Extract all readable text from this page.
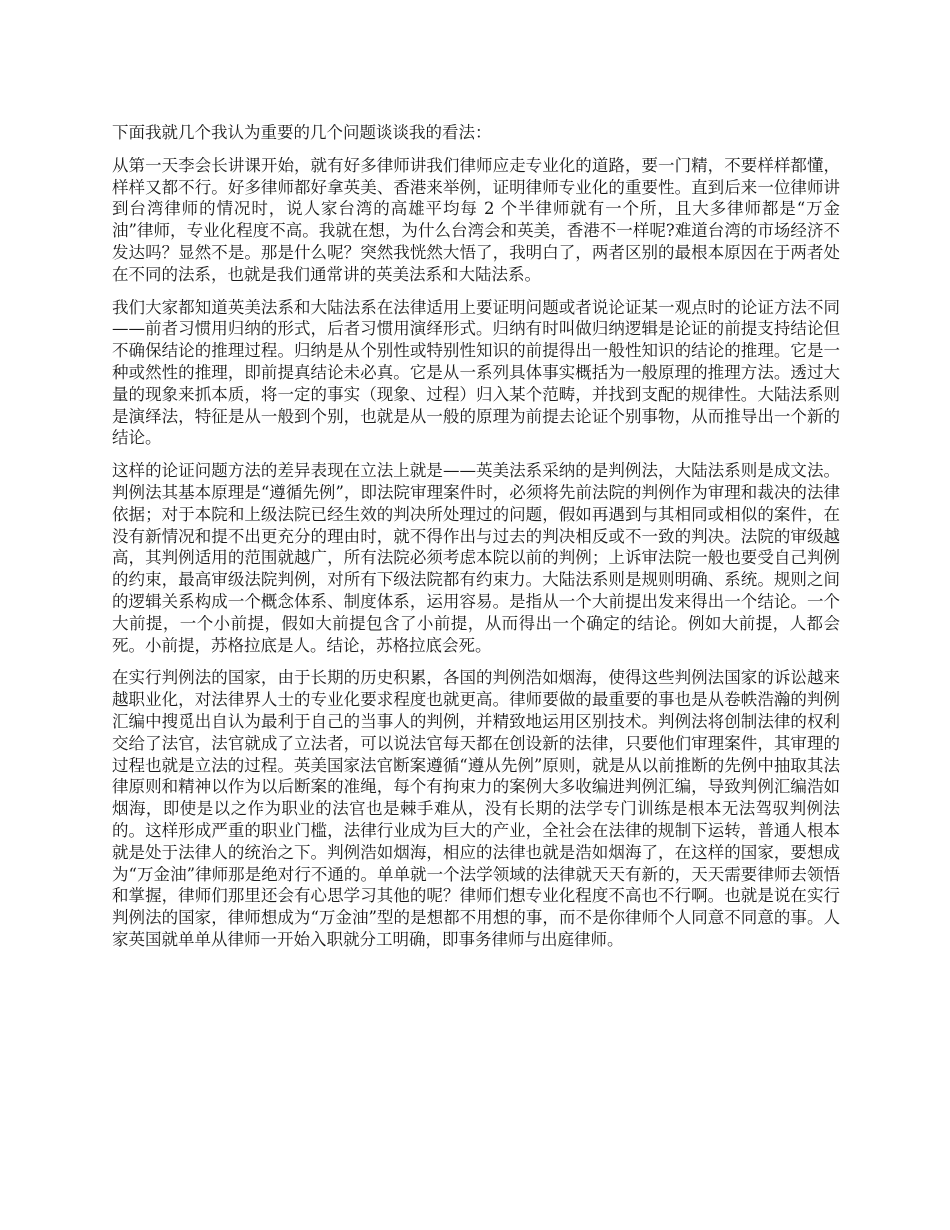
下面我就几个我认为重要的几个问题谈谈我的看法：

从第一天李会长讲课开始，就有好多律师讲我们律师应走专业化的道路，要一门精，不要样样都懂，样样又都不行。好多律师都好拿英美、香港来举例，证明律师专业化的重要性。直到后来一位律师讲到台湾律师的情况时，说人家台湾的高雄平均每 2 个半律师就有一个所，且大多律师都是“万金油”律师，专业化程度不高。我就在想，为什么台湾会和英美，香港不一样呢?难道台湾的市场经济不发达吗？显然不是。那是什么呢？突然我恍然大悟了，我明白了，两者区别的最根本原因在于两者处在不同的法系，也就是我们通常讲的英美法系和大陆法系。

我们大家都知道英美法系和大陆法系在法律适用上要证明问题或者说论证某一观点时的论证方法不同——前者习惯用归纳的形式，后者习惯用演绎形式。归纳有时叫做归纳逻辑是论证的前提支持结论但不确保结论的推理过程。归纳是从个别性或特别性知识的前提得出一般性知识的结论的推理。它是一种或然性的推理，即前提真结论未必真。它是从一系列具体事实概括为一般原理的推理方法。透过大量的现象来抓本质，将一定的事实（现象、过程）归入某个范畴，并找到支配的规律性。大陆法系则是演绎法，特征是从一般到个别，也就是从一般的原理为前提去论证个别事物，从而推导出一个新的结论。

这样的论证问题方法的差异表现在立法上就是——英美法系采纳的是判例法，大陆法系则是成文法。判例法其基本原理是“遵循先例”，即法院审理案件时，必须将先前法院的判例作为审理和裁决的法律依据；对于本院和上级法院已经生效的判决所处理过的问题，假如再遇到与其相同或相似的案件，在没有新情况和提不出更充分的理由时，就不得作出与过去的判决相反或不一致的判决。法院的审级越高，其判例适用的范围就越广，所有法院必须考虑本院以前的判例；上诉审法院一般也要受自己判例的约束，最高审级法院判例，对所有下级法院都有约束力。大陆法系则是规则明确、系统。规则之间的逻辑关系构成一个概念体系、制度体系，运用容易。是指从一个大前提出发来得出一个结论。一个大前提，一个小前提，假如大前提包含了小前提，从而得出一个确定的结论。例如大前提，人都会死。小前提，苏格拉底是人。结论，苏格拉底会死。

在实行判例法的国家，由于长期的历史积累，各国的判例浩如烟海，使得这些判例法国家的诉讼越来越职业化，对法律界人士的专业化要求程度也就更高。律师要做的最重要的事也是从卷帙浩瀚的判例汇编中搜觅出自认为最利于自己的当事人的判例，并精致地运用区别技术。判例法将创制法律的权利交给了法官，法官就成了立法者，可以说法官每天都在创设新的法律，只要他们审理案件，其审理的过程也就是立法的过程。英美国家法官断案遵循“遵从先例”原则，就是从以前推断的先例中抽取其法律原则和精神以作为以后断案的准绳，每个有拘束力的案例大多收编进判例汇编，导致判例汇编浩如烟海，即使是以之作为职业的法官也是棘手难从，没有长期的法学专门训练是根本无法驾驭判例法的。这样形成严重的职业门槛，法律行业成为巨大的产业，全社会在法律的规制下运转，普通人根本就是处于法律人的统治之下。判例浩如烟海，相应的法律也就是浩如烟海了，在这样的国家，要想成为“万金油”律师那是绝对行不通的。单单就一个法学领域的法律就天天有新的，天天需要律师去领悟和掌握，律师们那里还会有心思学习其他的呢？律师们想专业化程度不高也不行啊。也就是说在实行判例法的国家，律师想成为“万金油”型的是想都不用想的事，而不是你律师个人同意不同意的事。人家英国就单单从律师一开始入职就分工明确，即事务律师与出庭律师。
